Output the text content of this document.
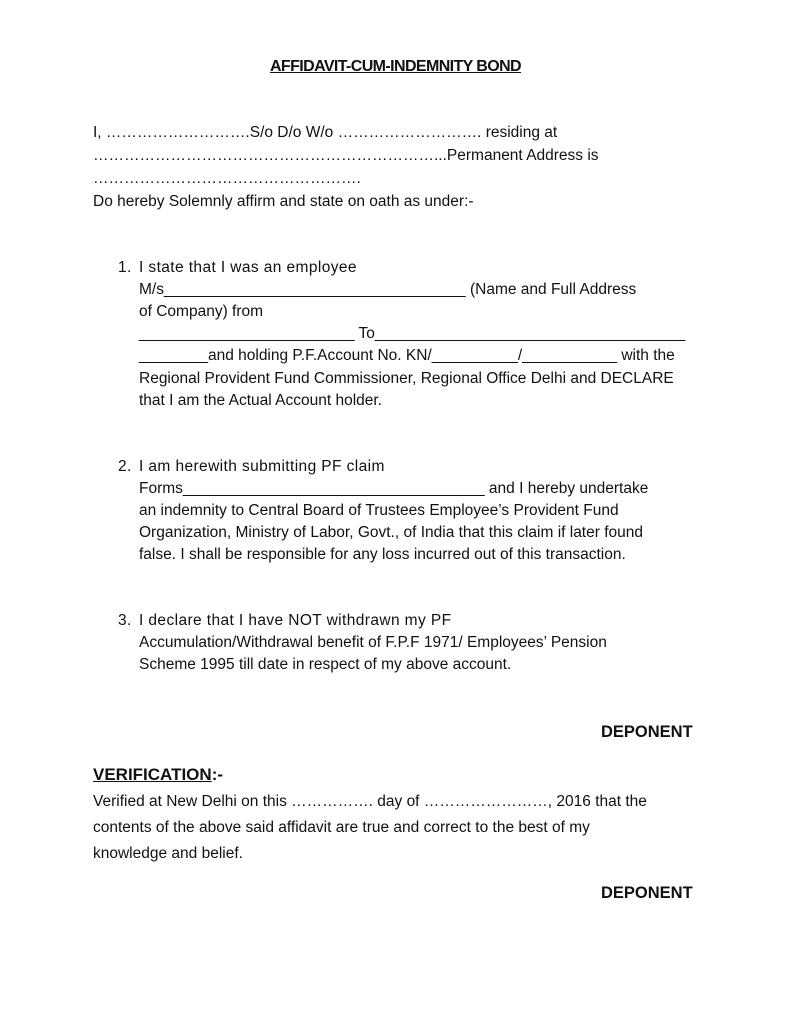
AFFIDAVIT-CUM-INDEMNITY BOND
I, ……………………….S/o D/o W/o ………………………. residing at
…………………………………………………………...Permanent Address is
…………………………………………….
Do hereby Solemnly affirm and state on oath as under:-
1. I state that I was an employee
M/s___________________________________ (Name and Full Address
of Company) from
_________________________ To____________________________________
________and holding P.F.Account No. KN/__________/___________ with the
Regional Provident Fund Commissioner, Regional Office Delhi and DECLARE
that I am the Actual Account holder.
2. I am herewith submitting PF claim
Forms___________________________________ and I hereby undertake
an indemnity to Central Board of Trustees Employee’s Provident Fund
Organization, Ministry of Labor, Govt., of India that this claim if later found
false. I shall be responsible for any loss incurred out of this transaction.
3. I declare that I have NOT withdrawn my PF
Accumulation/Withdrawal benefit of F.P.F 1971/ Employees’ Pension
Scheme 1995 till date in respect of my above account.
DEPONENT
VERIFICATION:-
Verified at New Delhi on this ……………. day of ……………………, 2016 that the
contents of the above said affidavit are true and correct to the best of my
knowledge and belief.
DEPONENT
